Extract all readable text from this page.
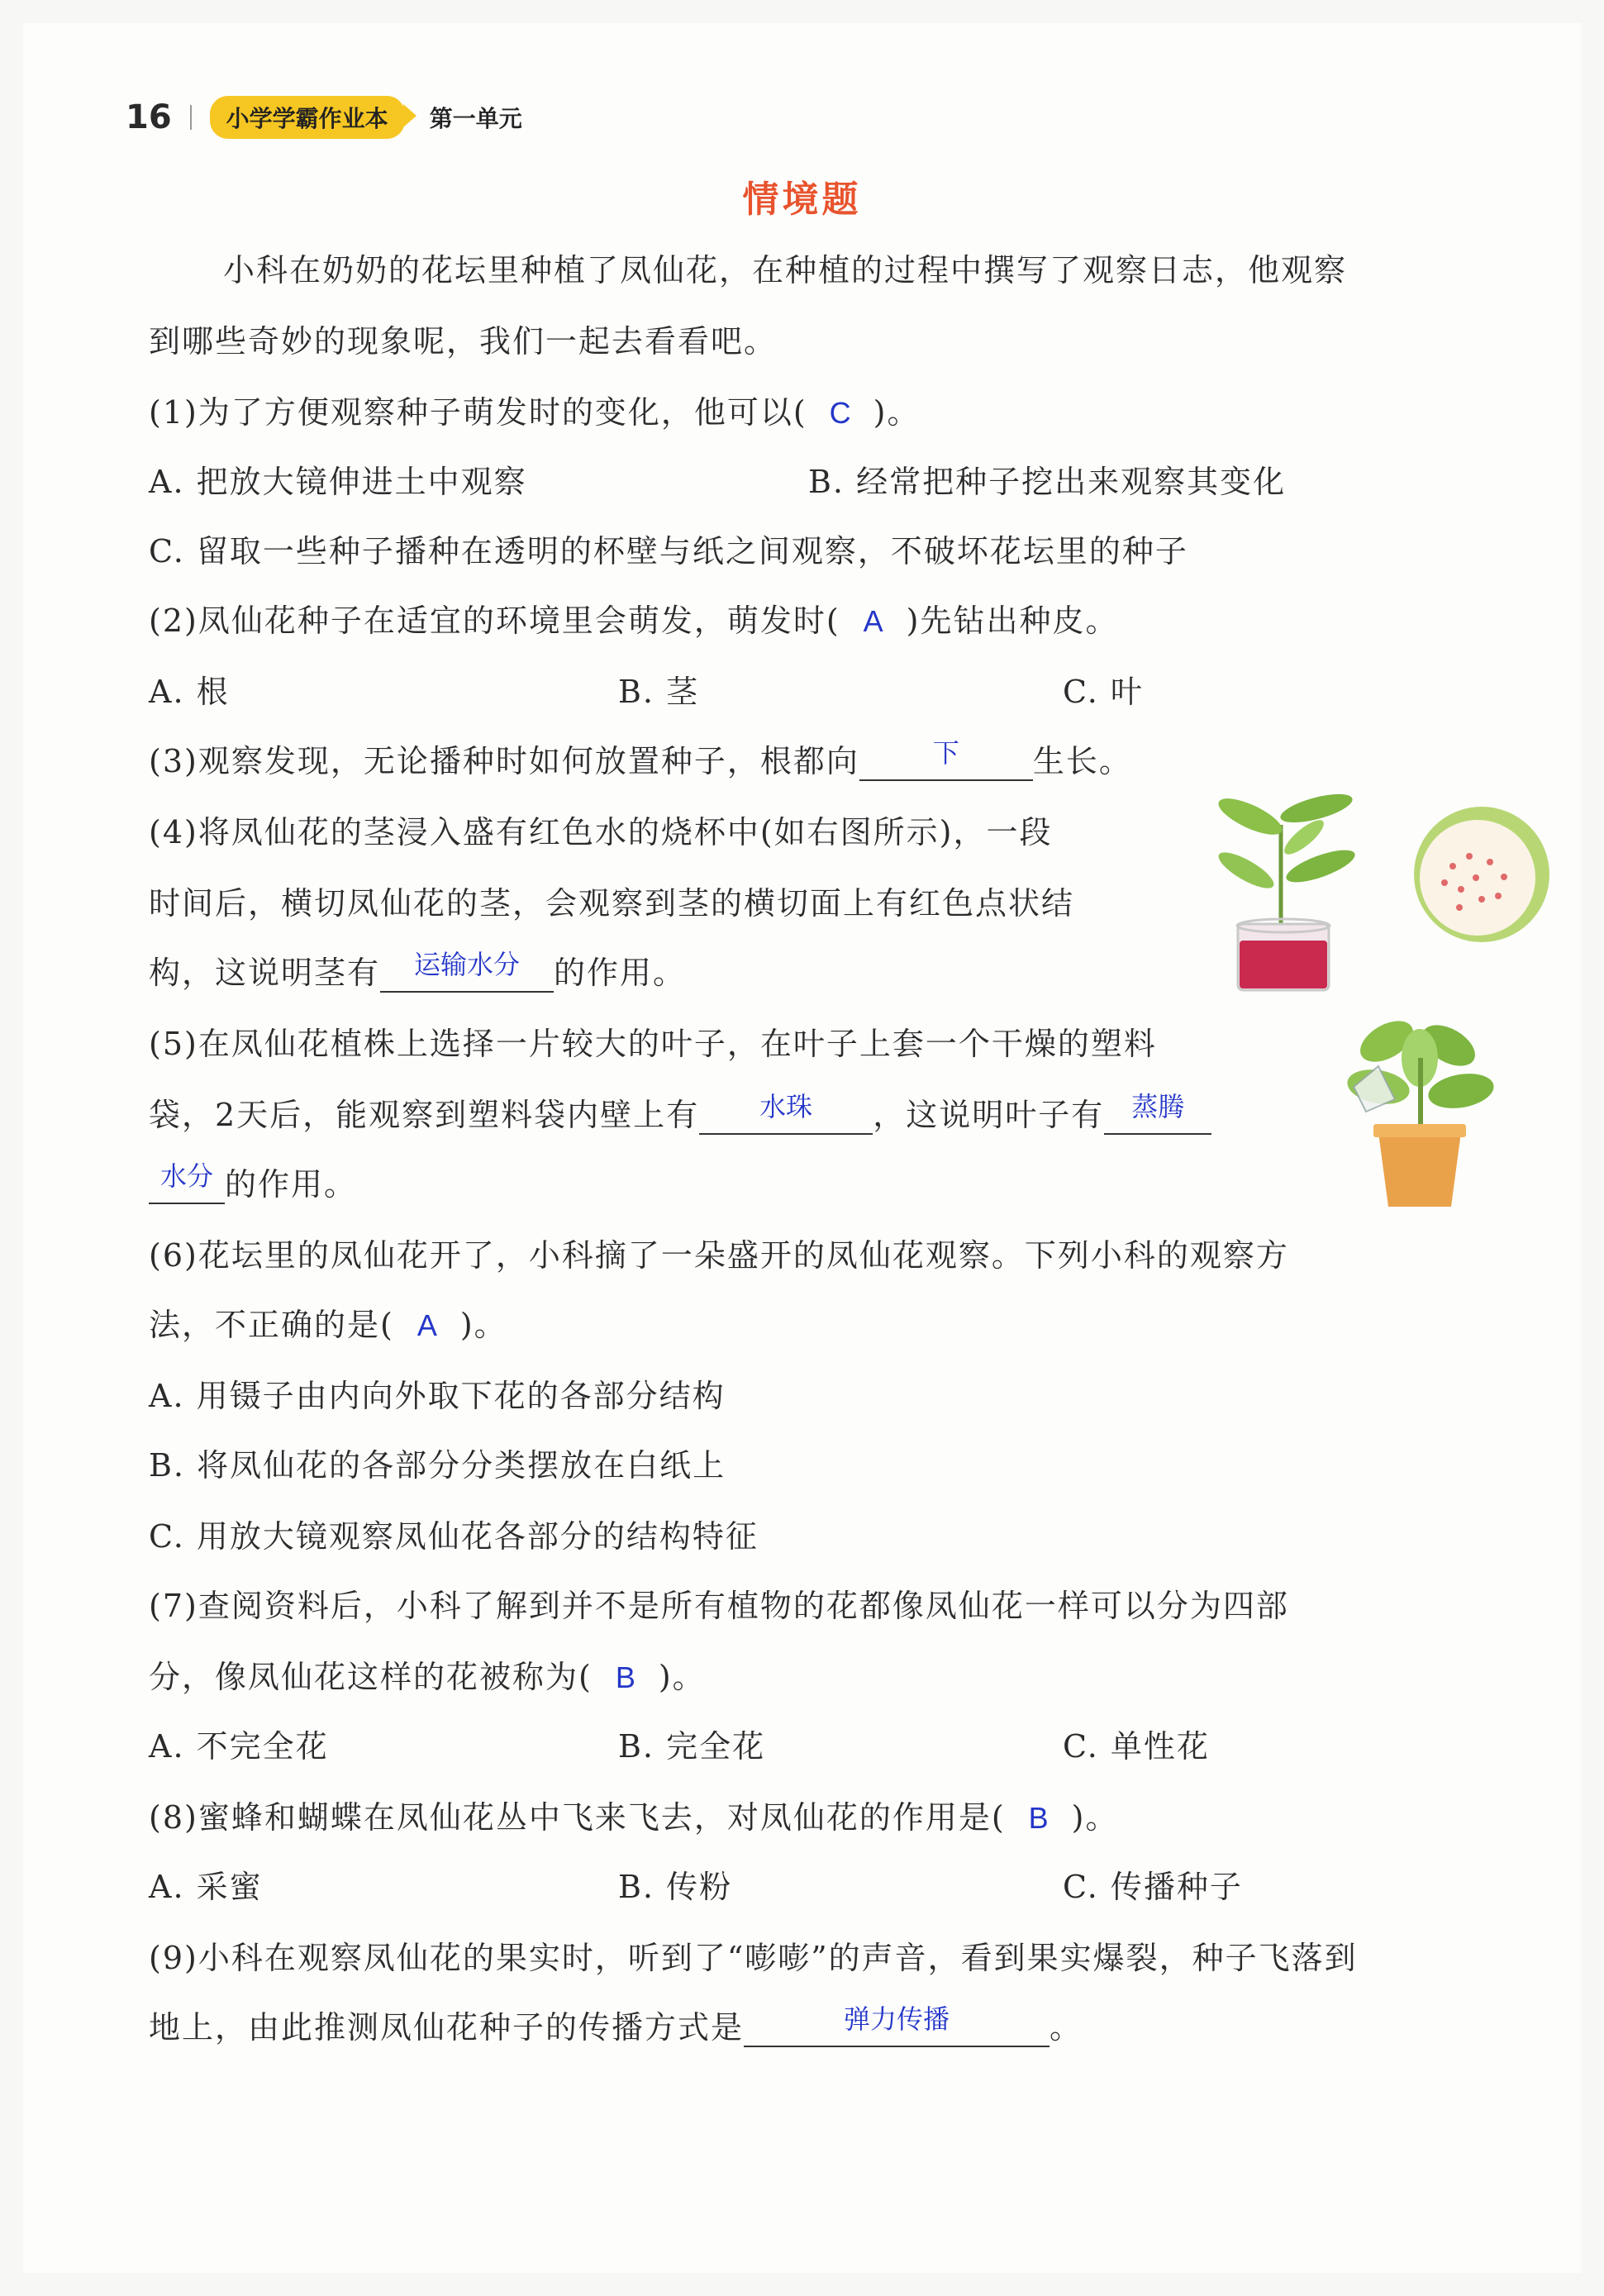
16	小学学霸作业本	第一单元
情境题
小科在奶奶的花坛里种植了凤仙花，在种植的过程中撰写了观察日志，他观察
到哪些奇妙的现象呢，我们一起去看看吧。
(1)为了方便观察种子萌发时的变化，他可以( C )。
A. 把放大镜伸进土中观察	B. 经常把种子挖出来观察其变化
C. 留取一些种子播种在透明的杯壁与纸之间观察，不破坏花坛里的种子
(2)凤仙花种子在适宜的环境里会萌发，萌发时( A )先钻出种皮。
A. 根	B. 茎	C. 叶
(3)观察发现，无论播种时如何放置种子，根都向	$^下$ 生长。
(4)将凤仙花的茎浸入盛有红色水的烧杯中(如右图所示)，一段
时间后，横切凤仙花的茎，会观察到茎的横切面上有红色点状结
构，这说明茎有 $^{运输水分}$ 的作用。
(5)在凤仙花植株上选择一片较大的叶子，在叶子上套一个干燥的塑料
袋，2天后，能观察到塑料袋内壁上有 $^{水珠}$ ，这说明叶子有 $^{蒸腾}$
$^{水分}$ 的作用。
(6)花坛里的凤仙花开了，小科摘了一朵盛开的凤仙花观察。下列小科的观察方
法，不正确的是( A )。
A. 用镊子由内向外取下花的各部分结构
B. 将凤仙花的各部分分类摆放在白纸上
C. 用放大镜观察凤仙花各部分的结构特征
(7)查阅资料后，小科了解到并不是所有植物的花都像凤仙花一样可以分为四部
分，像凤仙花这样的花被称为( B )。
A. 不完全花	B. 完全花	C. 单性花
(8)蜜蜂和蝴蝶在凤仙花丛中飞来飞去，对凤仙花的作用是( B )。
A. 采蜜	B. 传粉	C. 传播种子
(9)小科在观察凤仙花的果实时，听到了“嘭嘭”的声音，看到果实爆裂，种子飞落到
地上，由此推测凤仙花种子的传播方式是	$^{弹力传播}$	。
